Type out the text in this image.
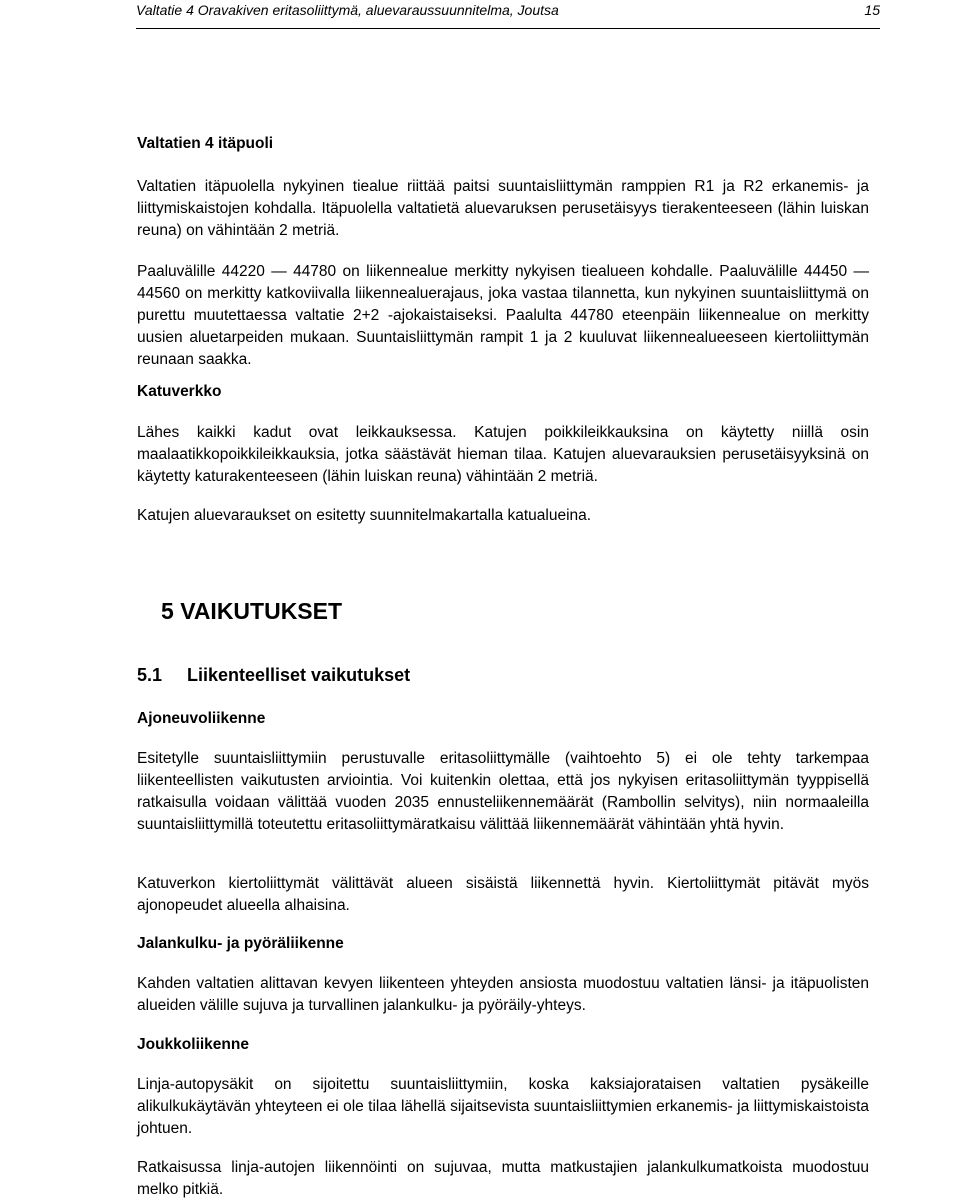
Valtatie 4 Oravakiven eritasoliittymä, aluevaraussuunnitelma, Joutsa	15
Valtatien 4 itäpuoli

Valtatien itäpuolella nykyinen tiealue riittää paitsi suuntaisliittymän ramppien R1 ja R2 erkanemis- ja liittymiskaistojen kohdalla. Itäpuolella valtatietä aluevaruksen perusetäisyys tierakenteeseen (lähin luiskan reuna) on vähintään 2 metriä.

Paaluvälille 44220 — 44780 on liikennealue merkitty nykyisen tiealueen kohdalle. Paaluvälille 44450 — 44560 on merkitty katkoviivalla liikennealuerajaus, joka vastaa tilannetta, kun nykyinen suuntaisliittymä on purettu muutettaessa valtatie 2+2 -ajokaistaiseksi. Paalulta 44780 eteenpäin liikennealue on merkitty uusien aluetarpeiden mukaan. Suuntaisliittymän rampit 1 ja 2 kuuluvat liikennealueeseen kiertoliittymän reunaan saakka.

Katuverkko

Lähes kaikki kadut ovat leikkauksessa. Katujen poikkileikkauksina on käytetty niillä osin maalaatikkopoikkileikkauksia, jotka säästävät hieman tilaa. Katujen aluevarauksien perusetäisyyksinä on käytetty katurakenteeseen (lähin luiskan reuna) vähintään 2 metriä.

Katujen aluevaraukset on esitetty suunnitelmakartalla katualueina.

5 VAIKUTUKSET
5.1 Liikenteelliset vaikutukset
Ajoneuvoliikenne

Esitetylle suuntaisliittymiin perustuvalle eritasoliittymälle (vaihtoehto 5) ei ole tehty tarkempaa liikenteellisten vaikutusten arviointia. Voi kuitenkin olettaa, että jos nykyisen eritasoliittymän tyyppisellä ratkaisulla voidaan välittää vuoden 2035 ennusteliikennemäärät (Rambollin selvitys), niin normaaleilla suuntaisliittymillä toteutettu eritasoliittymäratkaisu välittää liikennemäärät vähintään yhtä hyvin.

Katuverkon kiertoliittymät välittävät alueen sisäistä liikennettä hyvin. Kiertoliittymät pitävät myös ajonopeudet alueella alhaisina.

Jalankulku- ja pyöräliikenne

Kahden valtatien alittavan kevyen liikenteen yhteyden ansiosta muodostuu valtatien länsi- ja itäpuolisten alueiden välille sujuva ja turvallinen jalankulku- ja pyöräily-yhteys.

Joukkoliikenne

Linja-autopysäkit on sijoitettu suuntaisliittymiin, koska kaksiajorataisen valtatien pysäkeille alikulkukäytävän yhteyteen ei ole tilaa lähellä sijaitsevista suuntaisliittymien erkanemis- ja liittymiskaistoista johtuen.

Ratkaisussa linja-autojen liikennöinti on sujuvaa, mutta matkustajien jalankulkumatkoista muodostuu melko pitkiä.
